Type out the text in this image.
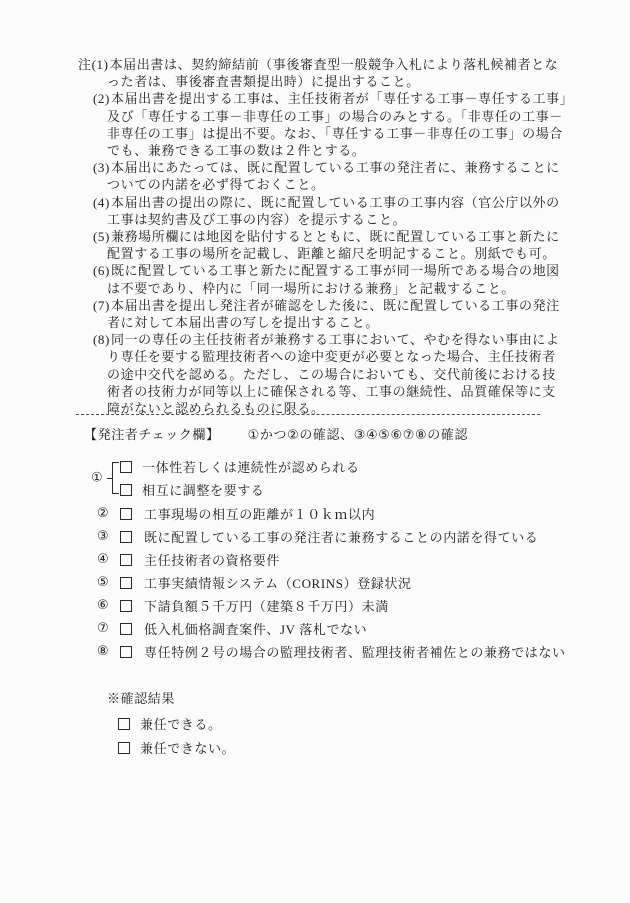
注(1)本届出書は、契約締結前（事後審査型一般競争入札により落札候補者とな
った者は、事後審査書類提出時）に提出すること。
(2)本届出書を提出する工事は、主任技術者が「専任する工事－専任する工事」
及び「専任する工事－非専任の工事」の場合のみとする。「非専任の工事－
非専任の工事」は提出不要。なお、「専任する工事－非専任の工事」の場合
でも、兼務できる工事の数は２件とする。
(3)本届出にあたっては、既に配置している工事の発注者に、兼務することに
ついての内諾を必ず得ておくこと。
(4)本届出書の提出の際に、既に配置している工事の工事内容（官公庁以外の
工事は契約書及び工事の内容）を提示すること。
(5)兼務場所欄には地図を貼付するとともに、既に配置している工事と新たに
配置する工事の場所を記載し、距離と縮尺を明記すること。別紙でも可。
(6)既に配置している工事と新たに配置する工事が同一場所である場合の地図
は不要であり、枠内に「同一場所における兼務」と記載すること。
(7)本届出書を提出し発注者が確認をした後に、既に配置している工事の発注
者に対して本届出書の写しを提出すること。
(8)同一の専任の主任技術者が兼務する工事において、やむを得ない事由によ
り専任を要する監理技術者への途中変更が必要となった場合、主任技術者
の途中交代を認める。ただし、この場合においても、交代前後における技
術者の技術力が同等以上に確保される等、工事の継続性、品質確保等に支
障がないと認められるものに限る。
【発注者チェック欄】 ①かつ②の確認、③④⑤⑥⑦⑧の確認
①
一体性若しくは連続性が認められる
相互に調整を要する
②	工事現場の相互の距離が１０ｋｍ以内
③	既に配置している工事の発注者に兼務することの内諾を得ている
④	主任技術者の資格要件
⑤	工事実績情報システム（CORINS）登録状況
⑥	下請負額５千万円（建築８千万円）未満
⑦	低入札価格調査案件、JV 落札でない
⑧	専任特例２号の場合の監理技術者、監理技術者補佐との兼務ではない
※確認結果
兼任できる。
兼任できない。
